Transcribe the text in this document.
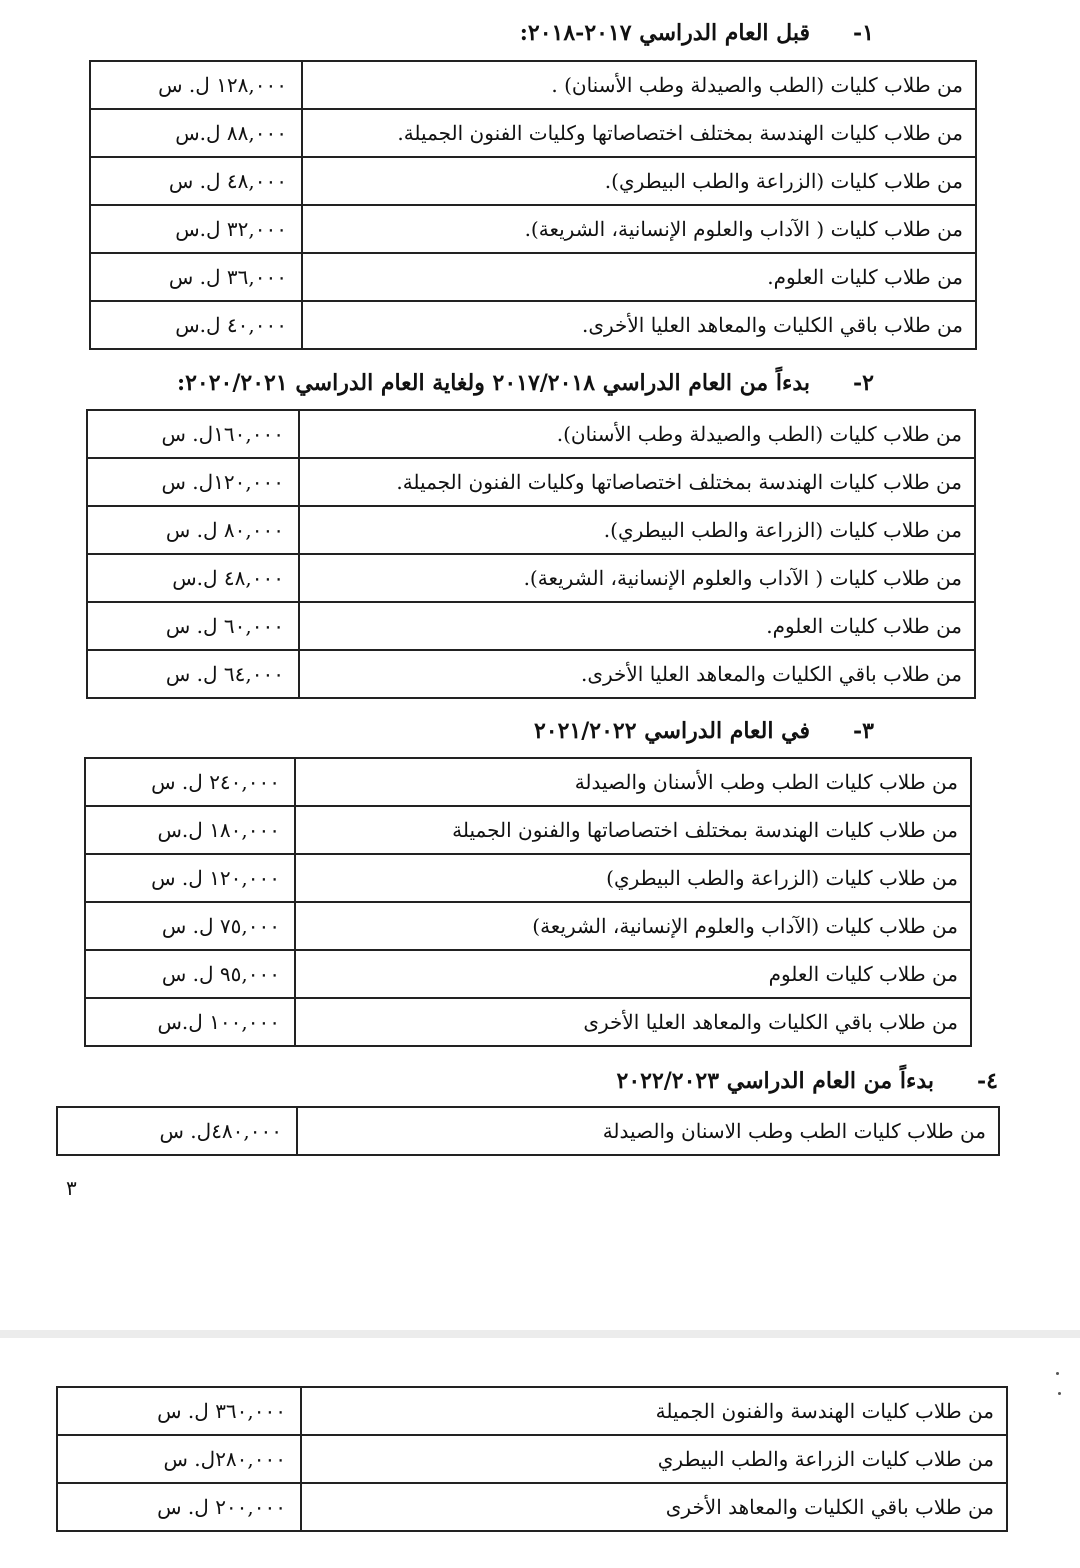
١-قبل العام الدراسي ٢٠١٧-٢٠١٨:
من طلاب كليات (الطب والصيدلة وطب الأسنان) .	١٢٨,٠٠٠ ل. س
من طلاب كليات الهندسة بمختلف اختصاصاتها وكليات الفنون الجميلة.	٨٨,٠٠٠ ل.س
من طلاب كليات (الزراعة والطب البيطري).	٤٨,٠٠٠ ل. س
من طلاب كليات ( الآداب والعلوم الإنسانية، الشريعة).	٣٢,٠٠٠ ل.س
من طلاب كليات العلوم.	٣٦,٠٠٠ ل. س
من طلاب باقي الكليات والمعاهد العليا الأخرى.	٤٠,٠٠٠ ل.س
٢-بدءاً من العام الدراسي ٢٠١٧/٢٠١٨ ولغاية العام الدراسي ٢٠٢٠/٢٠٢١:
من طلاب كليات (الطب والصيدلة وطب الأسنان).	١٦٠,٠٠٠ل. س
من طلاب كليات الهندسة بمختلف اختصاصاتها وكليات الفنون الجميلة.	١٢٠,٠٠٠ل. س
من طلاب كليات (الزراعة والطب البيطري).	٨٠,٠٠٠ ل. س
من طلاب كليات ( الآداب والعلوم الإنسانية، الشريعة).	٤٨,٠٠٠ ل.س
من طلاب كليات العلوم.	٦٠,٠٠٠ ل. س
من طلاب باقي الكليات والمعاهد العليا الأخرى.	٦٤,٠٠٠ ل. س
٣-في العام الدراسي ٢٠٢١/٢٠٢٢
من طلاب كليات الطب وطب الأسنان والصيدلة	٢٤٠,٠٠٠ ل. س
من طلاب كليات الهندسة بمختلف اختصاصاتها والفنون الجميلة	١٨٠,٠٠٠ ل.س
من طلاب كليات (الزراعة والطب البيطري)	١٢٠,٠٠٠ ل. س
من طلاب كليات (الآداب والعلوم الإنسانية، الشريعة)	٧٥,٠٠٠ ل. س
من طلاب كليات العلوم	٩٥,٠٠٠ ل. س
من طلاب باقي الكليات والمعاهد العليا الأخرى	١٠٠,٠٠٠ ل.س
٤-بدءاً من العام الدراسي ٢٠٢٢/٢٠٢٣
من طلاب كليات الطب وطب الاسنان والصيدلة	٤٨٠,٠٠٠ل. س
٣
من طلاب كليات الهندسة والفنون الجميلة	٣٦٠,٠٠٠ ل. س
من طلاب كليات الزراعة والطب البيطري	٢٨٠,٠٠٠ل. س
من طلاب باقي الكليات والمعاهد الأخرى	٢٠٠,٠٠٠ ل. س
